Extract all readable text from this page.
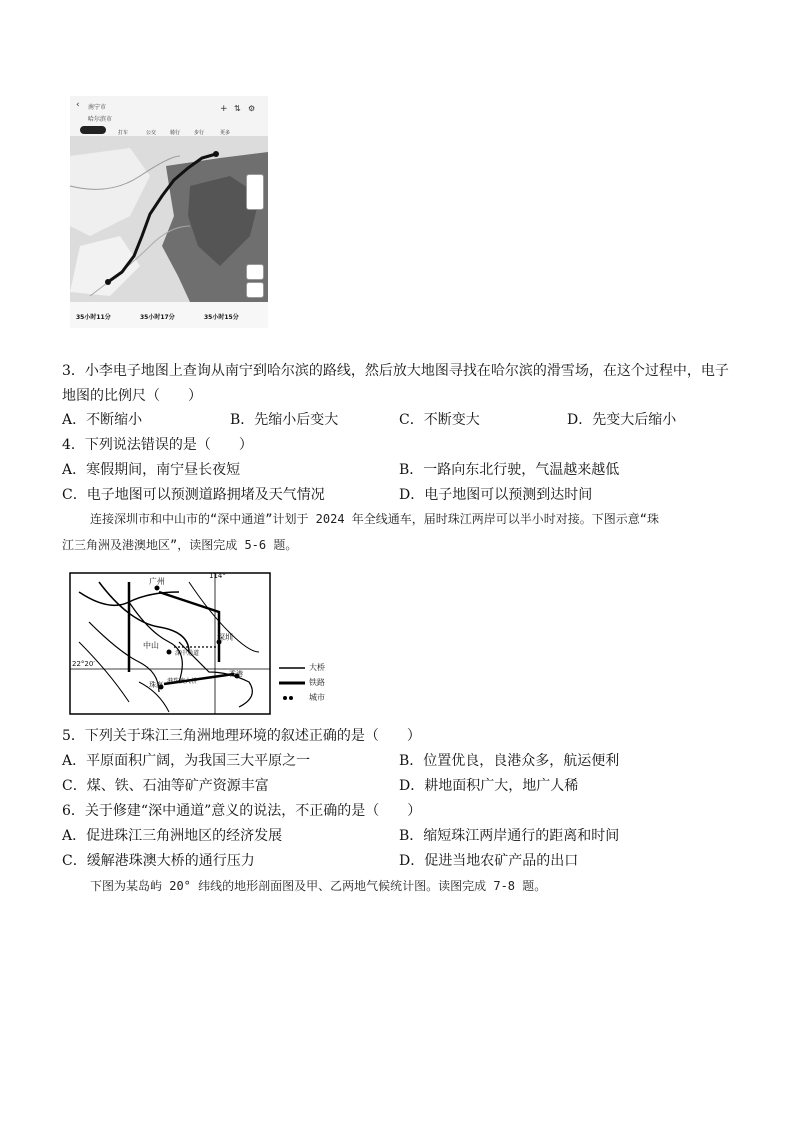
‹ 南宁市
哈尔滨市
+ ⇅ ⚙
打车	公交	骑行	步行	更多
35小时11分	35小时17分	35小时15分
3．小李电子地图上查询从南宁到哈尔滨的路线，然后放大地图寻找在哈尔滨的滑雪场，在这个过程中，电子
地图的比例尺（　　）
A．不断缩小	B．先缩小后变大	C．不断变大	D．先变大后缩小
4．下列说法错误的是（　　）
A．寒假期间，南宁昼长夜短	B．一路向东北行驶，气温越来越低
C．电子地图可以预测道路拥堵及天气情况	D．电子地图可以预测到达时间
连接深圳市和中山市的“深中通道”计划于 2024 年全线通车，届时珠江两岸可以半小时对接。下图示意“珠
江三角洲及港澳地区”，读图完成 5-6 题。
广州
114°
22°20′
深圳
中山
深中通道
港珠澳大桥
珠海
香港
大桥
铁路
城市
5．下列关于珠江三角洲地理环境的叙述正确的是（　　）
A．平原面积广阔，为我国三大平原之一	B．位置优良，良港众多，航运便利
C．煤、铁、石油等矿产资源丰富	D．耕地面积广大，地广人稀
6．关于修建“深中通道”意义的说法，不正确的是（　　）
A．促进珠江三角洲地区的经济发展	B．缩短珠江两岸通行的距离和时间
C．缓解港珠澳大桥的通行压力	D．促进当地农矿产品的出口
下图为某岛屿 20° 纬线的地形剖面图及甲、乙两地气候统计图。读图完成 7-8 题。
